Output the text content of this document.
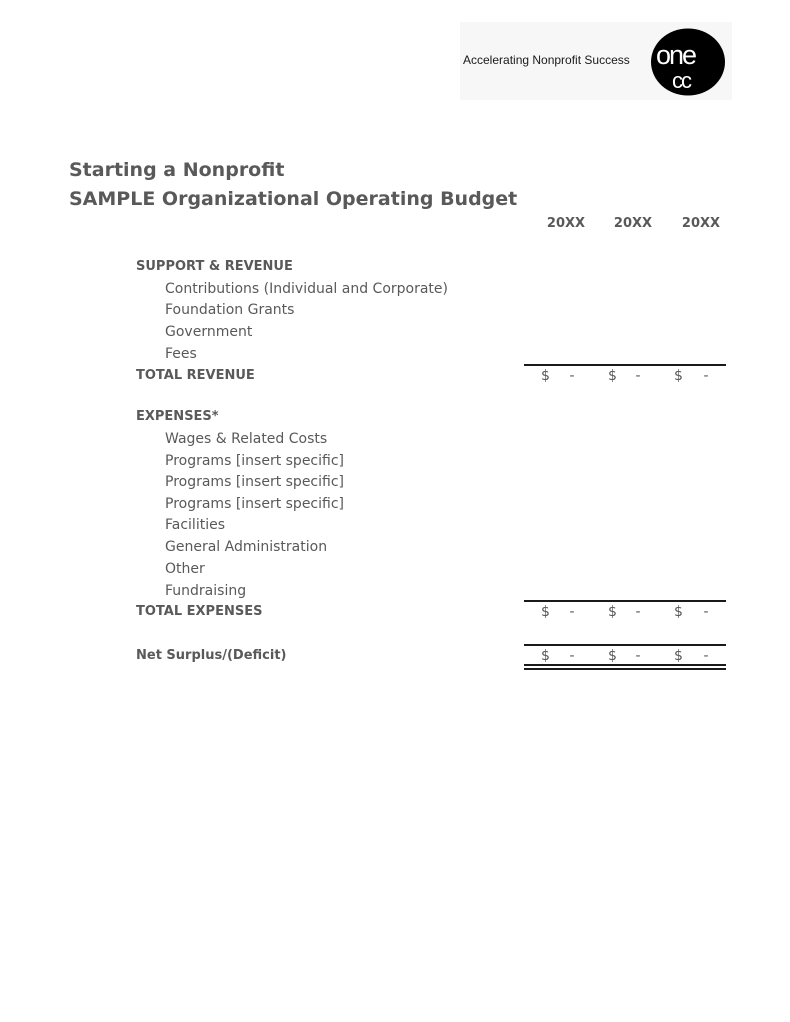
Accelerating Nonprofit Success one
cc
Starting a Nonprofit
SAMPLE Organizational Operating Budget
20XX	20XX	20XX
SUPPORT & REVENUE
Contributions (Individual and Corporate)
Foundation Grants
Government
Fees
TOTAL REVENUE	$ - $ - $ -
EXPENSES*
Wages & Related Costs
Programs [insert specific]
Programs [insert specific]
Programs [insert specific]
Facilities
General Administration
Other
Fundraising
TOTAL EXPENSES	$ - $ - $ -
Net Surplus/(Deficit)	$ - $ - $ -
